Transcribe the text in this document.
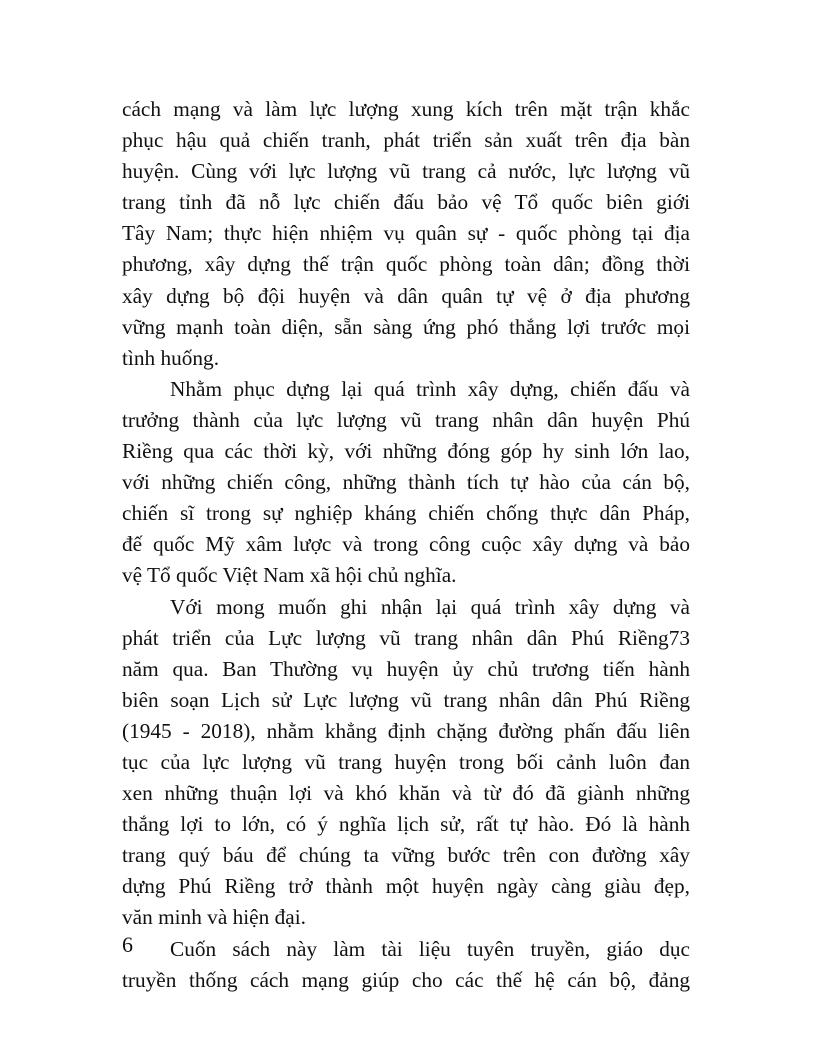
cách mạng và làm lực lượng xung kích trên mặt trận khắc
phục hậu quả chiến tranh, phát triển sản xuất trên địa bàn
huyện. Cùng với lực lượng vũ trang cả nước, lực lượng vũ
trang tỉnh đã nỗ lực chiến đấu bảo vệ Tổ quốc biên giới
Tây Nam; thực hiện nhiệm vụ quân sự - quốc phòng tại địa
phương, xây dựng thế trận quốc phòng toàn dân; đồng thời
xây dựng bộ đội huyện và dân quân tự vệ ở địa phương
vững mạnh toàn diện, sẵn sàng ứng phó thắng lợi trước mọi
tình huống.
Nhằm phục dựng lại quá trình xây dựng, chiến đấu và
trưởng thành của lực lượng vũ trang nhân dân huyện Phú
Riềng qua các thời kỳ, với những đóng góp hy sinh lớn lao,
với những chiến công, những thành tích tự hào của cán bộ,
chiến sĩ trong sự nghiệp kháng chiến chống thực dân Pháp,
đế quốc Mỹ xâm lược và trong công cuộc xây dựng và bảo
vệ Tổ quốc Việt Nam xã hội chủ nghĩa.
Với mong muốn ghi nhận lại quá trình xây dựng và
phát triển của Lực lượng vũ trang nhân dân Phú Riềng73
năm qua. Ban Thường vụ huyện ủy chủ trương tiến hành
biên soạn Lịch sử Lực lượng vũ trang nhân dân Phú Riềng
(1945 - 2018), nhằm khẳng định chặng đường phấn đấu liên
tục của lực lượng vũ trang huyện trong bối cảnh luôn đan
xen những thuận lợi và khó khăn và từ đó đã giành những
thắng lợi to lớn, có ý nghĩa lịch sử, rất tự hào. Đó là hành
trang quý báu để chúng ta vững bước trên con đường xây
dựng Phú Riềng trở thành một huyện ngày càng giàu đẹp,
văn minh và hiện đại.
Cuốn sách này làm tài liệu tuyên truyền, giáo dục
truyền thống cách mạng giúp cho các thế hệ cán bộ, đảng
6
